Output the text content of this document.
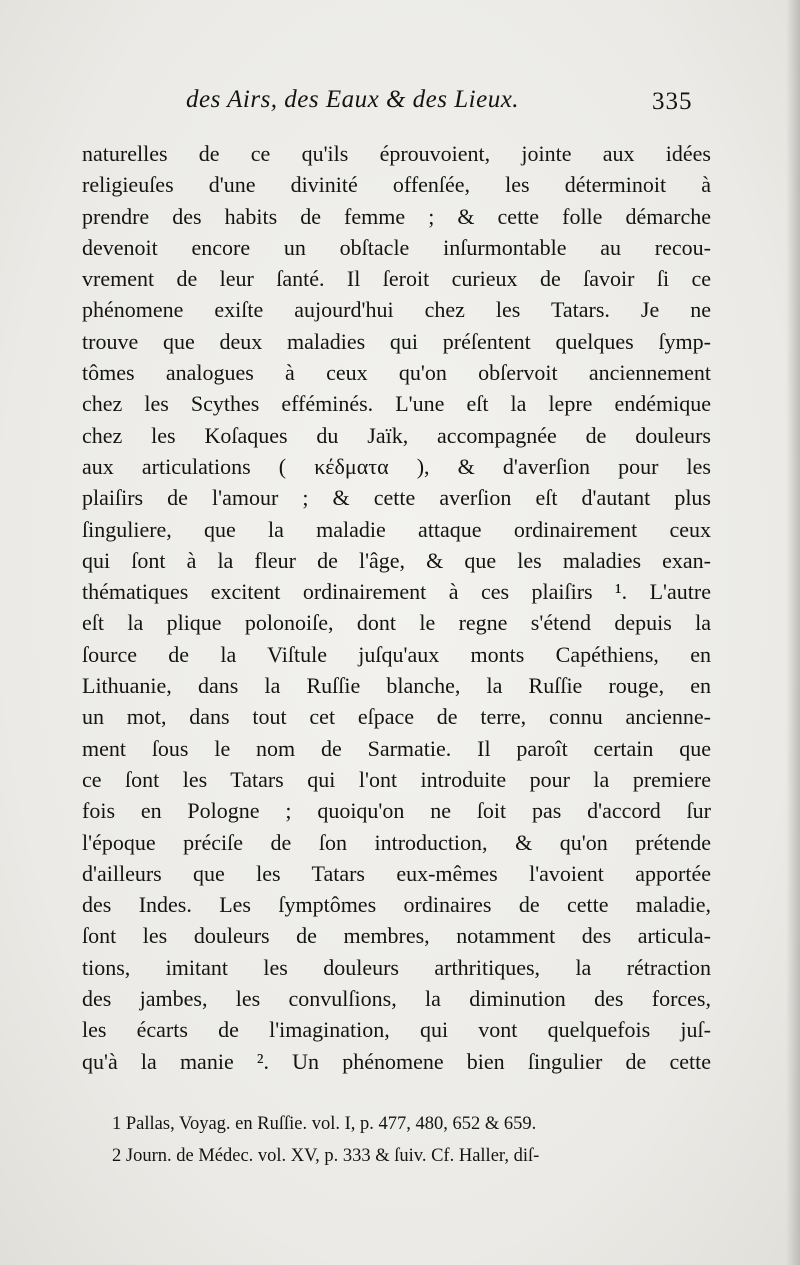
des Airs, des Eaux & des Lieux.	335
naturelles de ce qu'ils éprouvoient, jointe aux idées
religieuſes d'une divinité offenſée, les déterminoit à
prendre des habits de femme ; & cette folle démarche
devenoit encore un obſtacle inſurmontable au recou-
vrement de leur ſanté. Il ſeroit curieux de ſavoir ſi ce
phénomene exiſte aujourd'hui chez les Tatars. Je ne
trouve que deux maladies qui préſentent quelques ſymp-
tômes analogues à ceux qu'on obſervoit anciennement
chez les Scythes efféminés. L'une eſt la lepre endémique
chez les Koſaques du Jaïk, accompagnée de douleurs
aux articulations ( κέδματα ), & d'averſion pour les
plaiſirs de l'amour ; & cette averſion eſt d'autant plus
ſinguliere, que la maladie attaque ordinairement ceux
qui ſont à la fleur de l'âge, & que les maladies exan-
thématiques excitent ordinairement à ces plaiſirs ¹. L'autre
eſt la plique polonoiſe, dont le regne s'étend depuis la
ſource de la Viſtule juſqu'aux monts Capéthiens, en
Lithuanie, dans la Ruſſie blanche, la Ruſſie rouge, en
un mot, dans tout cet eſpace de terre, connu ancienne-
ment ſous le nom de Sarmatie. Il paroît certain que
ce ſont les Tatars qui l'ont introduite pour la premiere
fois en Pologne ; quoiqu'on ne ſoit pas d'accord ſur
l'époque préciſe de ſon introduction, & qu'on prétende
d'ailleurs que les Tatars eux-mêmes l'avoient apportée
des Indes. Les ſymptômes ordinaires de cette maladie,
ſont les douleurs de membres, notamment des articula-
tions, imitant les douleurs arthritiques, la rétraction
des jambes, les convulſions, la diminution des forces,
les écarts de l'imagination, qui vont quelquefois juſ-
qu'à la manie ². Un phénomene bien ſingulier de cette
1 Pallas, Voyag. en Ruſſie. vol. I, p. 477, 480, 652 & 659.
2 Journ. de Médec. vol. XV, p. 333 & ſuiv. Cf. Haller, diſ-
